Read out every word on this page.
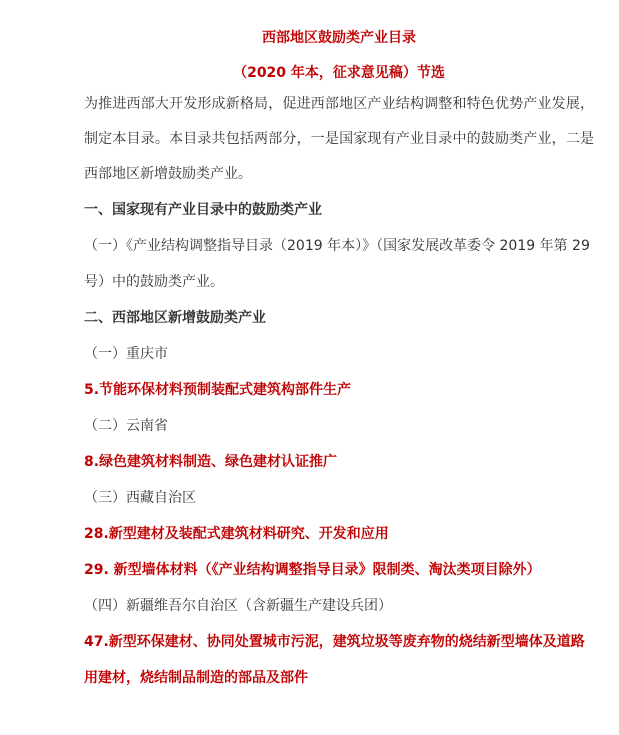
西部地区鼓励类产业目录

（2020 年本，征求意见稿）节选

为推进西部大开发形成新格局，促进西部地区产业结构调整和特色优势产业发展，制定本目录。本目录共包括两部分，一是国家现有产业目录中的鼓励类产业，二是西部地区新增鼓励类产业。

一、国家现有产业目录中的鼓励类产业

（一）《产业结构调整指导目录（2019 年本）》（国家发展改革委令 2019 年第 29 号）中的鼓励类产业。

二、西部地区新增鼓励类产业

（一）重庆市

5.节能环保材料预制装配式建筑构部件生产

（二）云南省

8.绿色建筑材料制造、绿色建材认证推广

（三）西藏自治区

28.新型建材及装配式建筑材料研究、开发和应用

29. 新型墙体材料（《产业结构调整指导目录》限制类、淘汰类项目除外）

（四）新疆维吾尔自治区（含新疆生产建设兵团）

47.新型环保建材、协同处置城市污泥，建筑垃圾等废弃物的烧结新型墙体及道路用建材，烧结制品制造的部品及部件
